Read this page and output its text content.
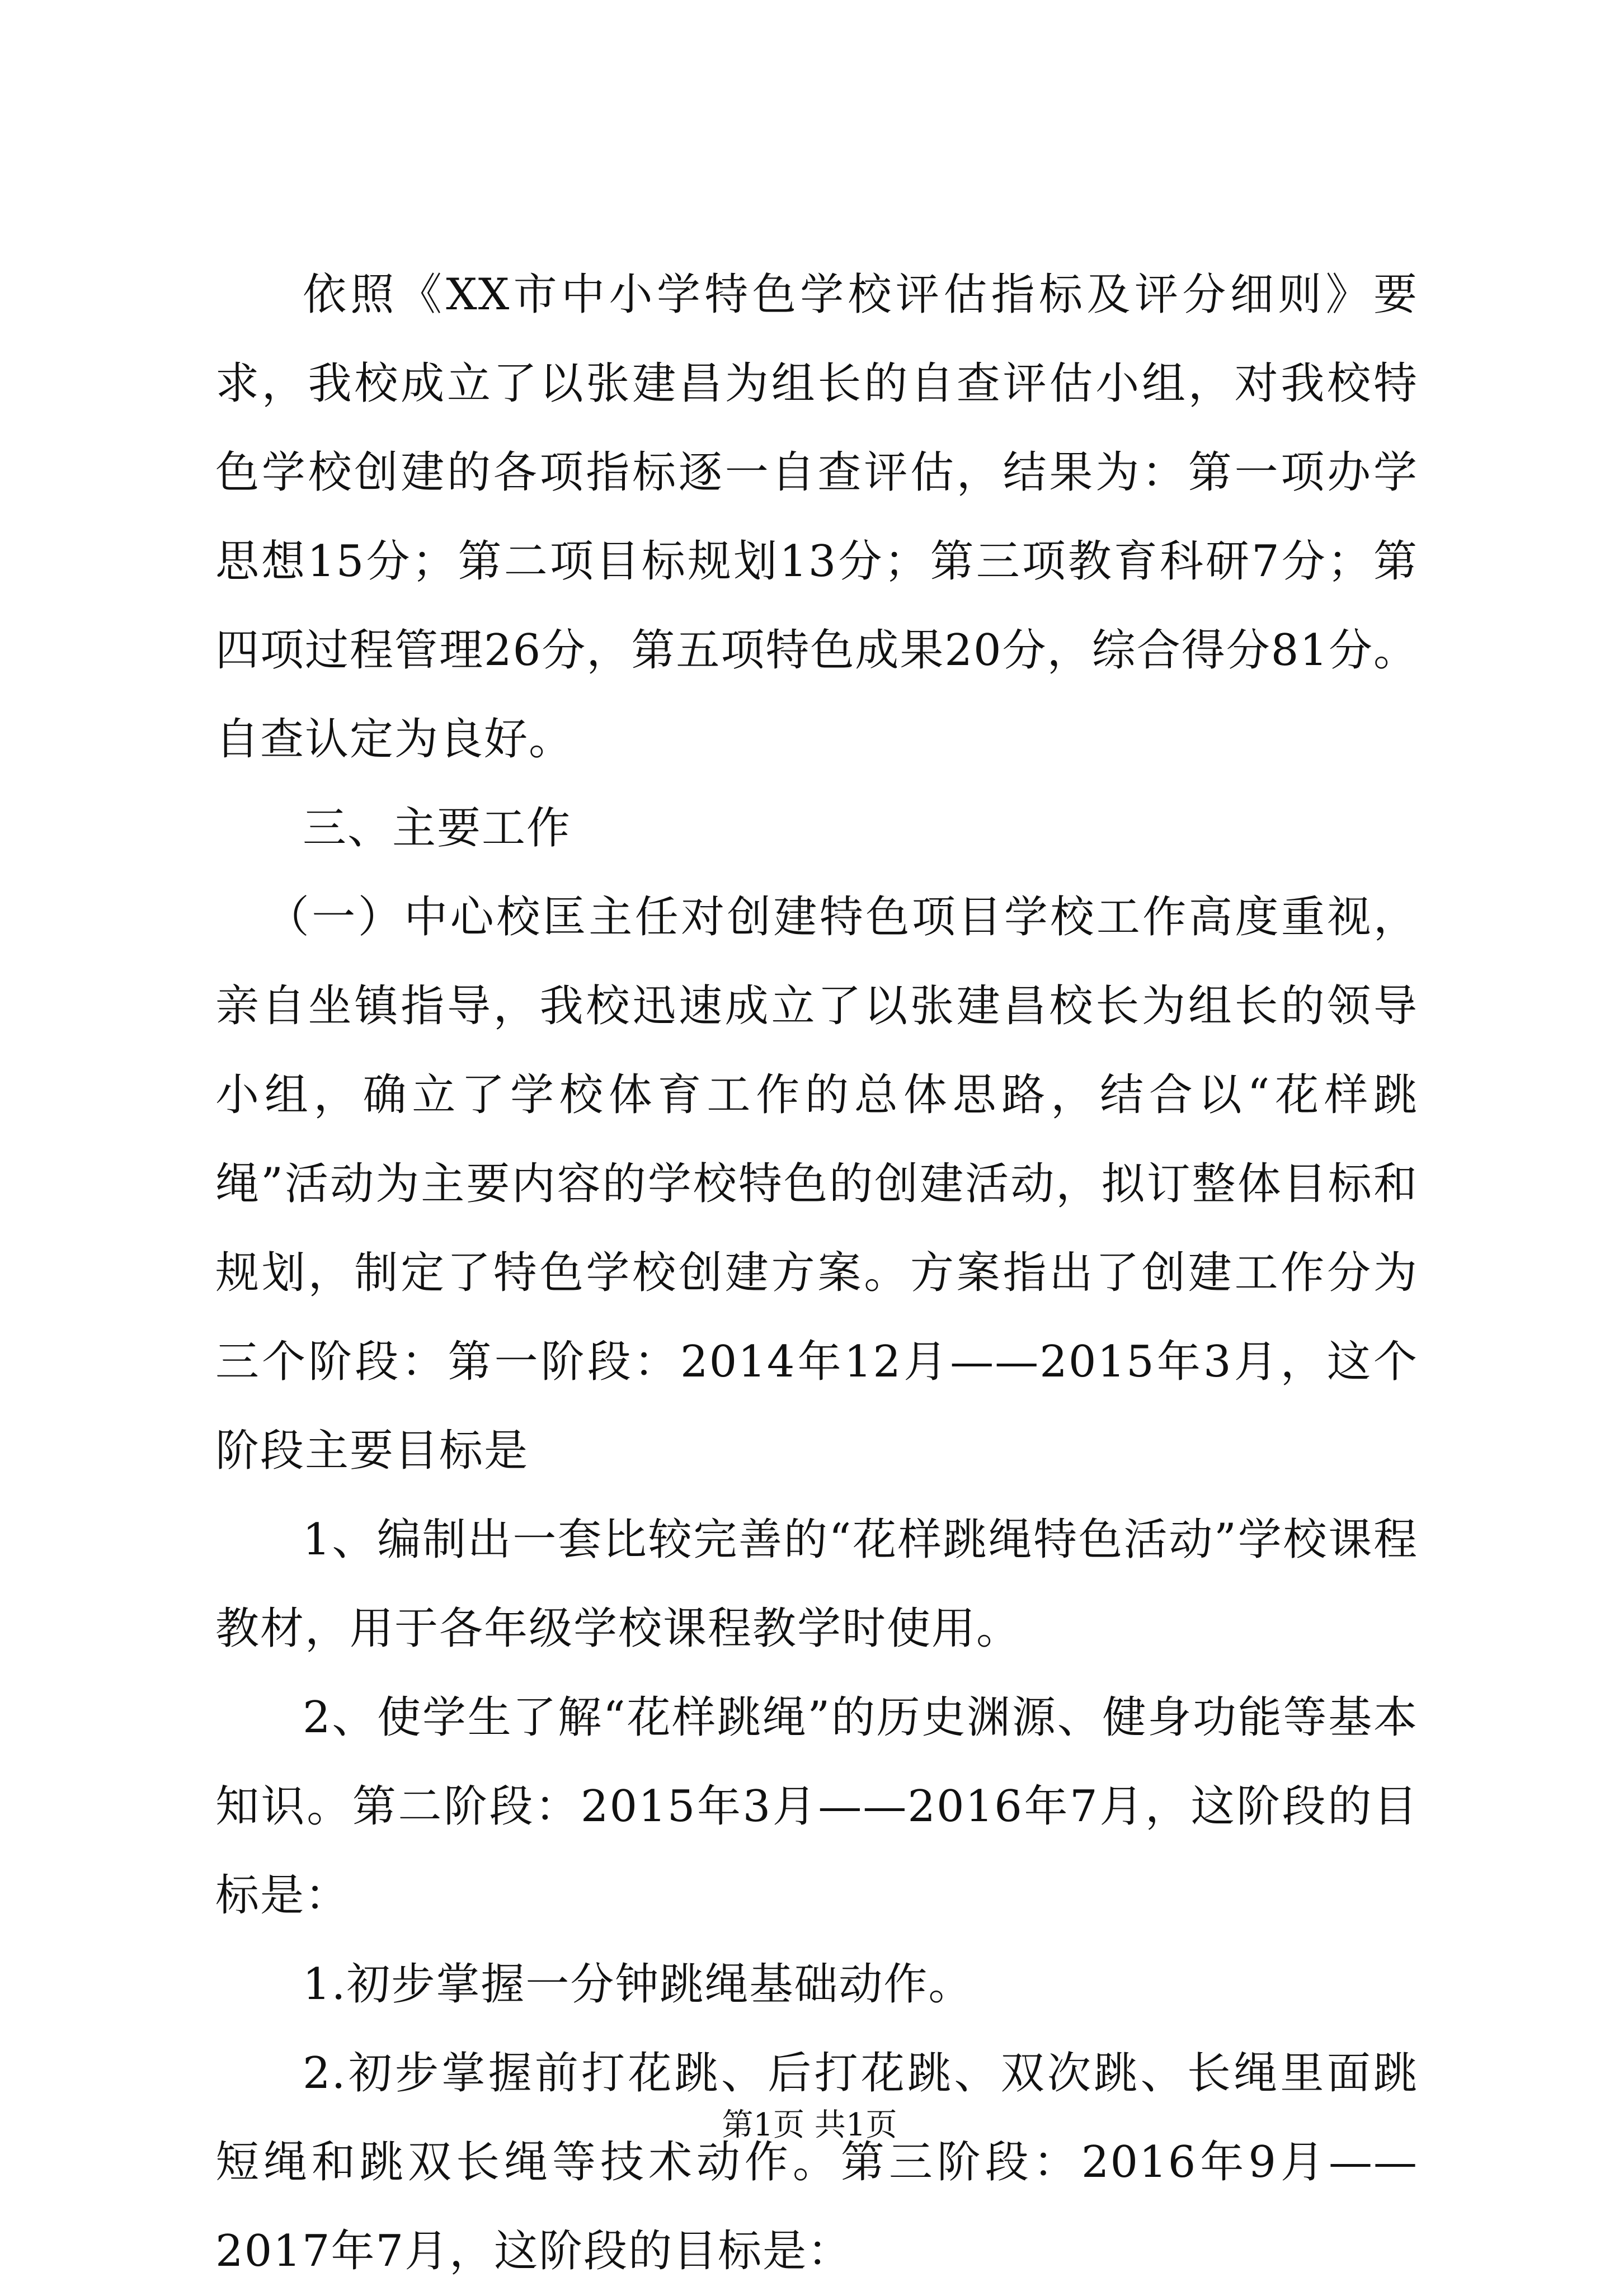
依照《XX市中小学特色学校评估指标及评分细则》要求，我校成立了以张建昌为组长的自查评估小组，对我校特色学校创建的各项指标逐一自查评估，结果为：第一项办学思想15分；第二项目标规划13分；第三项教育科研7分；第四项过程管理26分，第五项特色成果20分，综合得分81分。自查认定为良好。

三、主要工作

（一）中心校匡主任对创建特色项目学校工作高度重视，亲自坐镇指导，我校迅速成立了以张建昌校长为组长的领导小组，确立了学校体育工作的总体思路，结合以“花样跳绳”活动为主要内容的学校特色的创建活动，拟订整体目标和规划，制定了特色学校创建方案。方案指出了创建工作分为三个阶段：第一阶段：2014年12月——2015年3月，这个阶段主要目标是

1、编制出一套比较完善的“花样跳绳特色活动”学校课程教材，用于各年级学校课程教学时使用。

2、使学生了解“花样跳绳”的历史渊源、健身功能等基本知识。第二阶段：2015年3月——2016年7月，这阶段的目标是：

1.初步掌握一分钟跳绳基础动作。

2.初步掌握前打花跳、后打花跳、双次跳、长绳里面跳短绳和跳双长绳等技术动作。第三阶段：2016年9月——2017年7月，这阶段的目标是：

第1页 共1页
